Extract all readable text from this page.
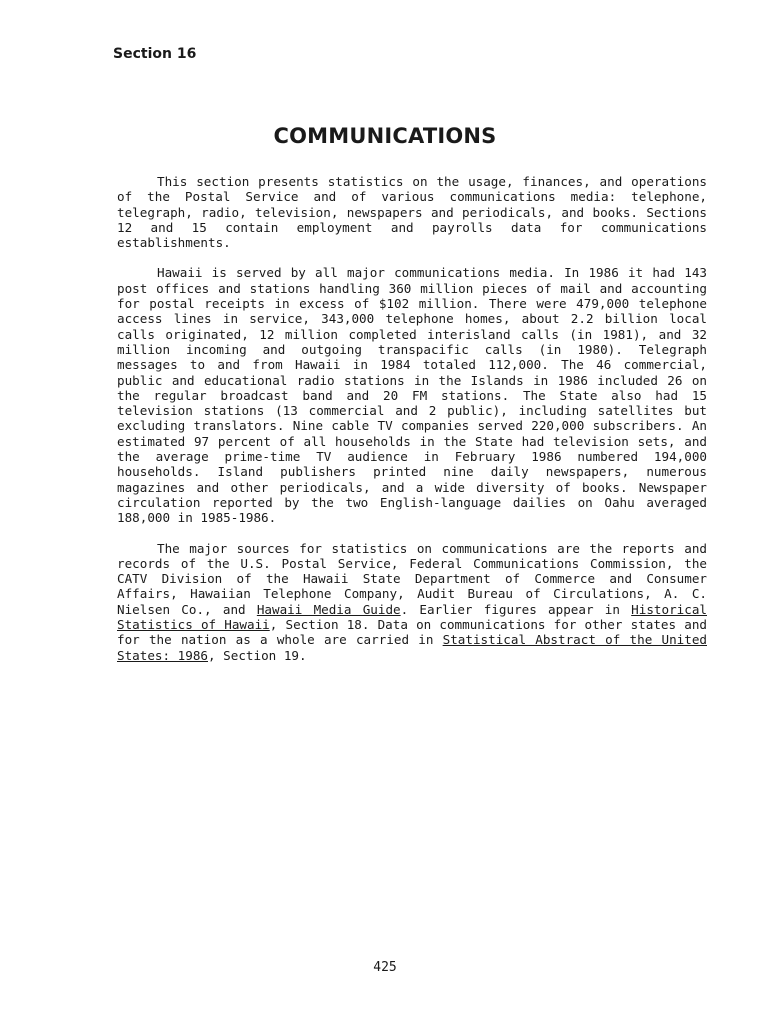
Section 16
COMMUNICATIONS

This section presents statistics on the usage, finances, and operations of the Postal Service and of various communications media: telephone, telegraph, radio, television, newspapers and periodicals, and books. Sections 12 and 15 contain employment and payrolls data for communications establishments.

Hawaii is served by all major communications media. In 1986 it had 143 post offices and stations handling 360 million pieces of mail and accounting for postal receipts in excess of $102 million. There were 479,000 telephone access lines in service, 343,000 telephone homes, about 2.2 billion local calls originated, 12 million completed interisland calls (in 1981), and 32 million incoming and outgoing transpacific calls (in 1980). Telegraph messages to and from Hawaii in 1984 totaled 112,000. The 46 commercial, public and educational radio stations in the Islands in 1986 included 26 on the regular broadcast band and 20 FM stations. The State also had 15 television stations (13 commercial and 2 public), including satellites but excluding translators. Nine cable TV companies served 220,000 subscribers. An estimated 97 percent of all households in the State had television sets, and the average prime-time TV audience in February 1986 numbered 194,000 households. Island publishers printed nine daily newspapers, numerous magazines and other periodicals, and a wide diversity of books. Newspaper circulation reported by the two English-language dailies on Oahu averaged 188,000 in 1985-1986.

The major sources for statistics on communications are the reports and records of the U.S. Postal Service, Federal Communications Commission, the CATV Division of the Hawaii State Department of Commerce and Consumer Affairs, Hawaiian Telephone Company, Audit Bureau of Circulations, A. C. Nielsen Co., and Hawaii Media Guide. Earlier figures appear in Historical Statistics of Hawaii, Section 18. Data on communications for other states and for the nation as a whole are carried in Statistical Abstract of the United States: 1986, Section 19.

425
